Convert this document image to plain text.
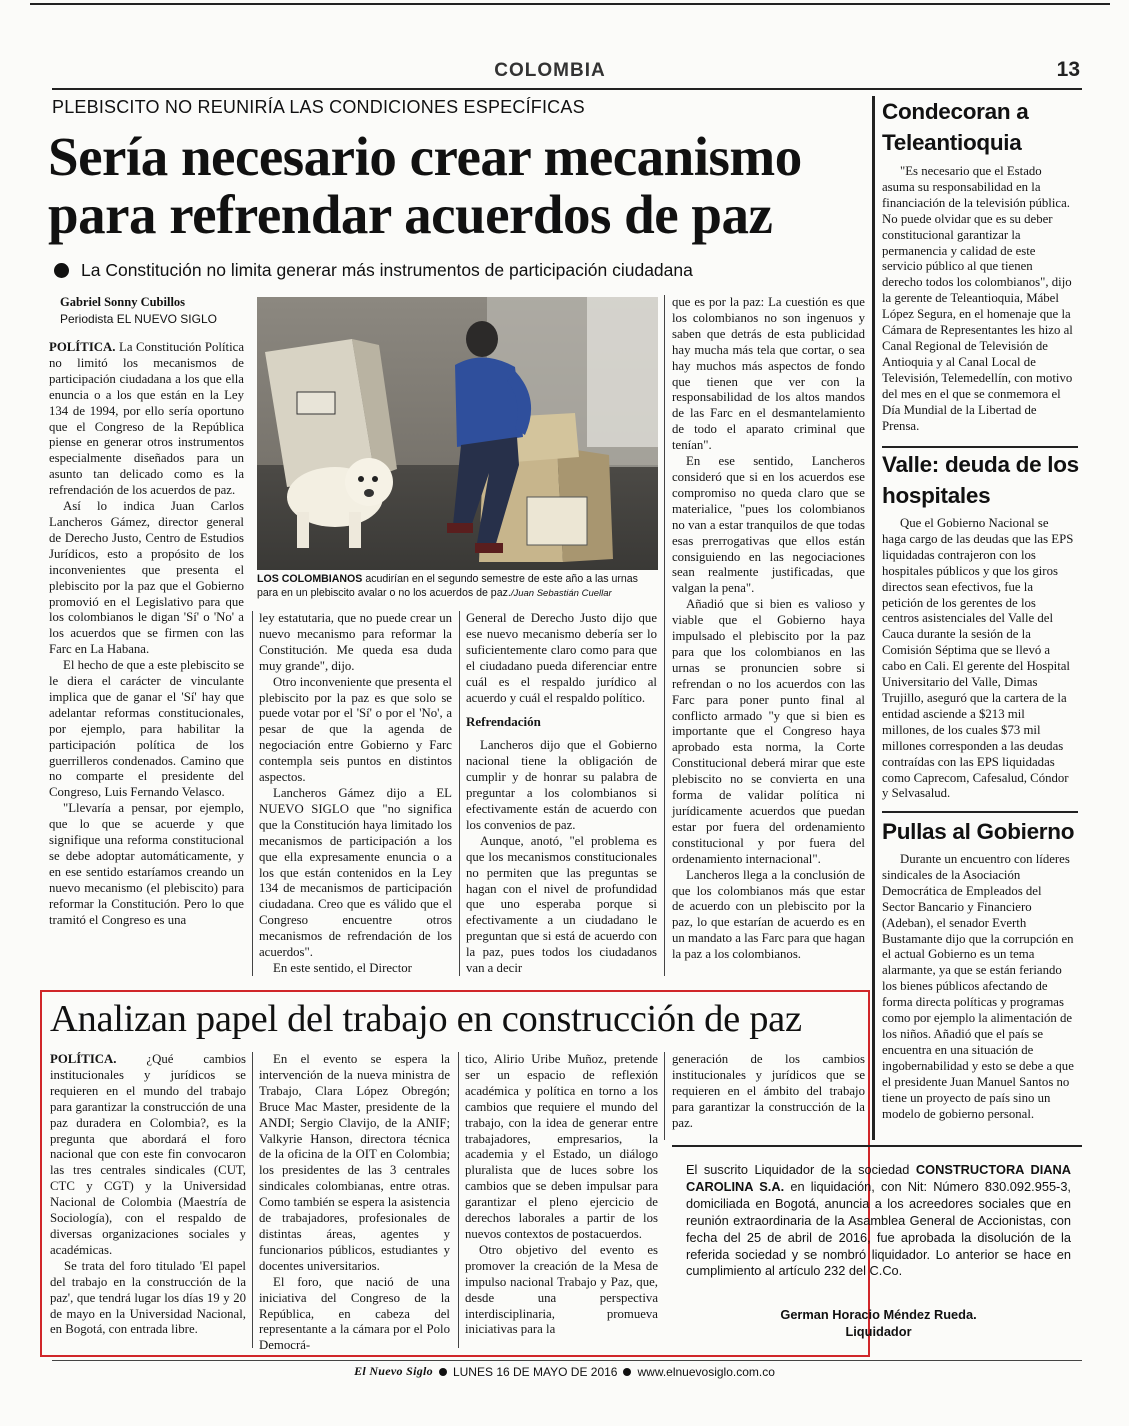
COLOMBIA	13
PLEBISCITO NO REUNIRÍA LAS CONDICIONES ESPECÍFICAS
Sería necesario crear mecanismo para refrendar acuerdos de paz
La Constitución no limita generar más instrumentos de participación ciudadana
Gabriel Sonny Cubillos
Periodista EL NUEVO SIGLO

POLÍTICA. La Constitución Política no limitó los mecanismos de participación ciudadana a los que ella enuncia o a los que están en la Ley 134 de 1994, por ello sería oportuno que el Congreso de la República piense en generar otros instrumentos especialmente diseñados para un asunto tan delicado como es la refrendación de los acuerdos de paz.

Así lo indica Juan Carlos Lancheros Gámez, director general de Derecho Justo, Centro de Estudios Jurídicos, esto a propósito de los inconvenientes que presenta el plebiscito por la paz que el Gobierno promovió en el Legislativo para que los colombianos le digan 'Sí' o 'No' a los acuerdos que se firmen con las Farc en La Habana.

El hecho de que a este plebiscito se le diera el carácter de vinculante implica que de ganar el 'Sí' hay que adelantar reformas constitucionales, por ejemplo, para habilitar la participación política de los guerrilleros condenados. Camino que no comparte el presidente del Congreso, Luis Fernando Velasco.

"Llevaría a pensar, por ejemplo, que lo que se acuerde y que signifique una reforma constitucional se debe adoptar automáticamente, y en ese sentido estaríamos creando un nuevo mecanismo (el plebiscito) para reformar la Constitución. Pero lo que tramitó el Congreso es una

LOS COLOMBIANOS acudirían en el segundo semestre de este año a las urnas para en un plebiscito avalar o no los acuerdos de paz./Juan Sebastián Cuellar

ley estatutaria, que no puede crear un nuevo mecanismo para reformar la Constitución. Me queda esa duda muy grande", dijo.

Otro inconveniente que presenta el plebiscito por la paz es que solo se puede votar por el 'Sí' o por el 'No', a pesar de que la agenda de negociación entre Gobierno y Farc contempla seis puntos en distintos aspectos.

Lancheros Gámez dijo a EL NUEVO SIGLO que "no significa que la Constitución haya limitado los mecanismos de participación a los que ella expresamente enuncia o a los que están contenidos en la Ley 134 de mecanismos de participación ciudadana. Creo que es válido que el Congreso encuentre otros mecanismos de refrendación de los acuerdos".

En este sentido, el Director

General de Derecho Justo dijo que ese nuevo mecanismo debería ser lo suficientemente claro como para que el ciudadano pueda diferenciar entre cuál es el respaldo jurídico al acuerdo y cuál el respaldo político.

Refrendación

Lancheros dijo que el Gobierno nacional tiene la obligación de cumplir y de honrar su palabra de preguntar a los colombianos si efectivamente están de acuerdo con los convenios de paz.

Aunque, anotó, "el problema es que los mecanismos constitucionales no permiten que las preguntas se hagan con el nivel de profundidad que uno esperaba porque si efectivamente a un ciudadano le preguntan que si está de acuerdo con la paz, pues todos los ciudadanos van a decir

que es por la paz: La cuestión es que los colombianos no son ingenuos y saben que detrás de esta publicidad hay mucha más tela que cortar, o sea hay muchos más aspectos de fondo que tienen que ver con la responsabilidad de los altos mandos de las Farc en el desmantelamiento de todo el aparato criminal que tenían".

En ese sentido, Lancheros consideró que si en los acuerdos ese compromiso no queda claro que se materialice, "pues los colombianos no van a estar tranquilos de que todas esas prerrogativas que ellos están consiguiendo en las negociaciones sean realmente justificadas, que valgan la pena".

Añadió que si bien es valioso y viable que el Gobierno haya impulsado el plebiscito por la paz para que los colombianos en las urnas se pronuncien sobre si refrendan o no los acuerdos con las Farc para poner punto final al conflicto armado "y que si bien es importante que el Congreso haya aprobado esta norma, la Corte Constitucional deberá mirar que este plebiscito no se convierta en una forma de validar política ni jurídicamente acuerdos que puedan estar por fuera del ordenamiento constitucional y por fuera del ordenamiento internacional".

Lancheros llega a la conclusión de que los colombianos más que estar de acuerdo con un plebiscito por la paz, lo que estarían de acuerdo es en un mandato a las Farc para que hagan la paz a los colombianos.

Condecoran a Teleantioquia

"Es necesario que el Estado asuma su responsabilidad en la financiación de la televisión pública. No puede olvidar que es su deber constitucional garantizar la permanencia y calidad de este servicio público al que tienen derecho todos los colombianos", dijo la gerente de Teleantioquia, Mábel López Segura, en el homenaje que la Cámara de Representantes les hizo al Canal Regional de Televisión de Antioquia y al Canal Local de Televisión, Telemedellín, con motivo del mes en el que se conmemora el Día Mundial de la Libertad de Prensa.

Valle: deuda de los hospitales

Que el Gobierno Nacional se haga cargo de las deudas que las EPS liquidadas contrajeron con los hospitales públicos y que los giros directos sean efectivos, fue la petición de los gerentes de los centros asistenciales del Valle del Cauca durante la sesión de la Comisión Séptima que se llevó a cabo en Cali. El gerente del Hospital Universitario del Valle, Dimas Trujillo, aseguró que la cartera de la entidad asciende a $213 mil millones, de los cuales $73 mil millones corresponden a las deudas contraídas con las EPS liquidadas como Caprecom, Cafesalud, Cóndor y Selvasalud.

Pullas al Gobierno

Durante un encuentro con líderes sindicales de la Asociación Democrática de Empleados del Sector Bancario y Financiero (Adeban), el senador Everth Bustamante dijo que la corrupción en el actual Gobierno es un tema alarmante, ya que se están feriando los bienes públicos afectando de forma directa políticas y programas como por ejemplo la alimentación de los niños. Añadió que el país se encuentra en una situación de ingobernabilidad y esto se debe a que el presidente Juan Manuel Santos no tiene un proyecto de país sino un modelo de gobierno personal.

Analizan papel del trabajo en construcción de paz

POLÍTICA. ¿Qué cambios institucionales y jurídicos se requieren en el mundo del trabajo para garantizar la construcción de una paz duradera en Colombia?, es la pregunta que abordará el foro nacional que con este fin convocaron las tres centrales sindicales (CUT, CTC y CGT) y la Universidad Nacional de Colombia (Maestría de Sociología), con el respaldo de diversas organizaciones sociales y académicas.

Se trata del foro titulado 'El papel del trabajo en la construcción de la paz', que tendrá lugar los días 19 y 20 de mayo en la Universidad Nacional, en Bogotá, con entrada libre.

En el evento se espera la intervención de la nueva ministra de Trabajo, Clara López Obregón; Bruce Mac Master, presidente de la ANDI; Sergio Clavijo, de la ANIF; Valkyrie Hanson, directora técnica de la oficina de la OIT en Colombia; los presidentes de las 3 centrales sindicales colombianas, entre otras. Como también se espera la asistencia de trabajadores, profesionales de distintas áreas, agentes y funcionarios públicos, estudiantes y docentes universitarios.

El foro, que nació de una iniciativa del Congreso de la República, en cabeza del representante a la cámara por el Polo Democrá-

tico, Alirio Uribe Muñoz, pretende ser un espacio de reflexión académica y política en torno a los cambios que requiere el mundo del trabajo, con la idea de generar entre trabajadores, empresarios, la academia y el Estado, un diálogo pluralista que de luces sobre los cambios que se deben impulsar para garantizar el pleno ejercicio de derechos laborales a partir de los nuevos contextos de postacuerdos.

Otro objetivo del evento es promover la creación de la Mesa de impulso nacional Trabajo y Paz, que, desde una perspectiva interdisciplinaria, promueva iniciativas para la

generación de los cambios institucionales y jurídicos que se requieren en el ámbito del trabajo para garantizar la construcción de la paz.

El suscrito Liquidador de la sociedad CONSTRUCTORA DIANA CAROLINA S.A. en liquidación, con Nit: Número 830.092.955-3, domiciliada en Bogotá, anuncia a los acreedores sociales que en reunión extraordinaria de la Asamblea General de Accionistas, con fecha del 25 de abril de 2016, fue aprobada la disolución de la referida sociedad y se nombró liquidador. Lo anterior se hace en cumplimiento al artículo 232 del C.Co.
German Horacio Méndez Rueda.
Liquidador
El Nuevo Siglo LUNES 16 DE MAYO DE 2016 www.elnuevosiglo.com.co
